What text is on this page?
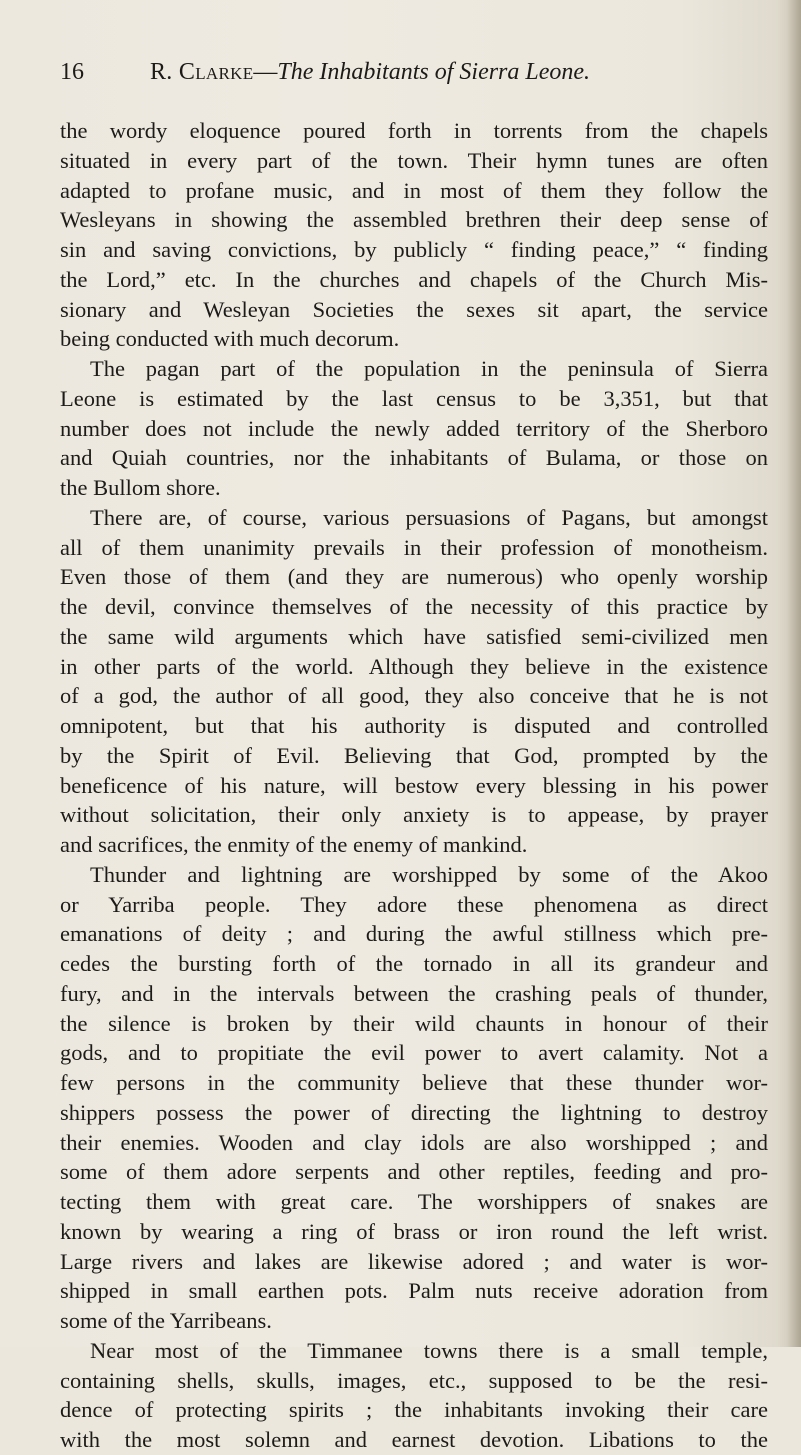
16	R. Clarke—The Inhabitants of Sierra Leone.
the wordy eloquence poured forth in torrents from the chapels
situated in every part of the town. Their hymn tunes are often
adapted to profane music, and in most of them they follow the
Wesleyans in showing the assembled brethren their deep sense of
sin and saving convictions, by publicly “ finding peace,” “ finding
the Lord,” etc. In the churches and chapels of the Church Mis-
sionary and Wesleyan Societies the sexes sit apart, the service
being conducted with much decorum.
The pagan part of the population in the peninsula of Sierra
Leone is estimated by the last census to be 3,351, but that
number does not include the newly added territory of the Sherboro
and Quiah countries, nor the inhabitants of Bulama, or those on
the Bullom shore.
There are, of course, various persuasions of Pagans, but amongst
all of them unanimity prevails in their profession of monotheism.
Even those of them (and they are numerous) who openly worship
the devil, convince themselves of the necessity of this practice by
the same wild arguments which have satisfied semi-civilized men
in other parts of the world. Although they believe in the existence
of a god, the author of all good, they also conceive that he is not
omnipotent, but that his authority is disputed and controlled
by the Spirit of Evil. Believing that God, prompted by the
beneficence of his nature, will bestow every blessing in his power
without solicitation, their only anxiety is to appease, by prayer
and sacrifices, the enmity of the enemy of mankind.
Thunder and lightning are worshipped by some of the Akoo
or Yarriba people. They adore these phenomena as direct
emanations of deity ; and during the awful stillness which pre-
cedes the bursting forth of the tornado in all its grandeur and
fury, and in the intervals between the crashing peals of thunder,
the silence is broken by their wild chaunts in honour of their
gods, and to propitiate the evil power to avert calamity. Not a
few persons in the community believe that these thunder wor-
shippers possess the power of directing the lightning to destroy
their enemies. Wooden and clay idols are also worshipped ; and
some of them adore serpents and other reptiles, feeding and pro-
tecting them with great care. The worshippers of snakes are
known by wearing a ring of brass or iron round the left wrist.
Large rivers and lakes are likewise adored ; and water is wor-
shipped in small earthen pots. Palm nuts receive adoration from
some of the Yarribeans.
Near most of the Timmanee towns there is a small temple,
containing shells, skulls, images, etc., supposed to be the resi-
dence of protecting spirits ; the inhabitants invoking their care
with the most solemn and earnest devotion. Libations to the
